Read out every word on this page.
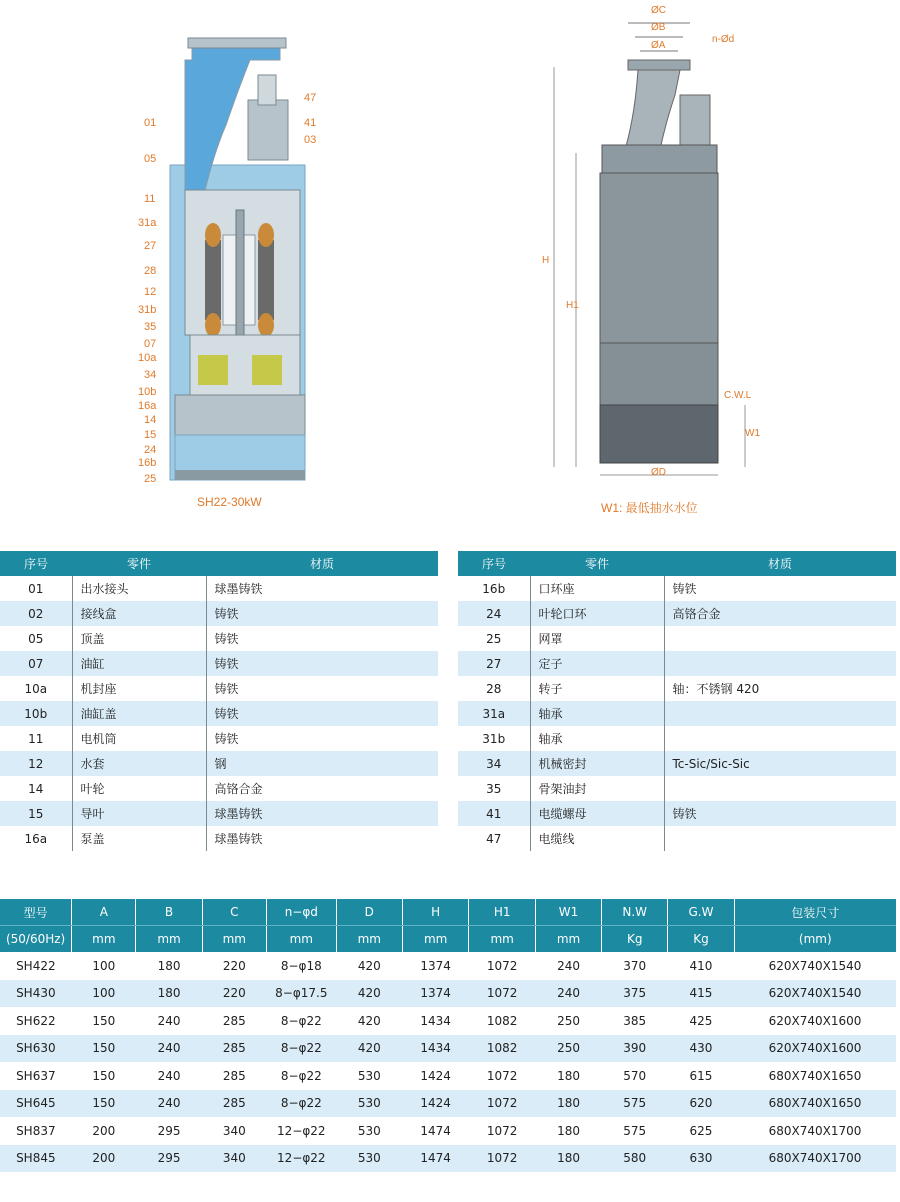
01
05
11
31a
27
28
12
31b
35
07
10a
34
10b
16a
14
15
24
16b
25
47
41
03
SH22-30kW
ØC
ØB
ØA
n-Ød
H
H1
C.W.L
W1
ØD
W1: 最低抽水水位
序号	零件	材质
01	出水接头	球墨铸铁
02	接线盒	铸铁
05	顶盖	铸铁
07	油缸	铸铁
10a	机封座	铸铁
10b	油缸盖	铸铁
11	电机筒	铸铁
12	水套	钢
14	叶轮	高铬合金
15	导叶	球墨铸铁
16a	泵盖	球墨铸铁
序号	零件	材质
16b	口环座	铸铁
24	叶轮口环	高铬合金
25	网罩	
27	定子	
28	转子	轴：不锈钢 420
31a	轴承	
31b	轴承	
34	机械密封	Tc-Sic/Sic-Sic
35	骨架油封	
41	电缆螺母	铸铁
47	电缆线	
型号	A	B	C	n−φd	D	H	H1	W1	N.W	G.W	包装尺寸
(50/60Hz)	mm	mm	mm	mm	mm	mm	mm	mm	Kg	Kg	(mm)
SH422	100	180	220	8−φ18	420	1374	1072	240	370	410	620X740X1540
SH430	100	180	220	8−φ17.5	420	1374	1072	240	375	415	620X740X1540
SH622	150	240	285	8−φ22	420	1434	1082	250	385	425	620X740X1600
SH630	150	240	285	8−φ22	420	1434	1082	250	390	430	620X740X1600
SH637	150	240	285	8−φ22	530	1424	1072	180	570	615	680X740X1650
SH645	150	240	285	8−φ22	530	1424	1072	180	575	620	680X740X1650
SH837	200	295	340	12−φ22	530	1474	1072	180	575	625	680X740X1700
SH845	200	295	340	12−φ22	530	1474	1072	180	580	630	680X740X1700
